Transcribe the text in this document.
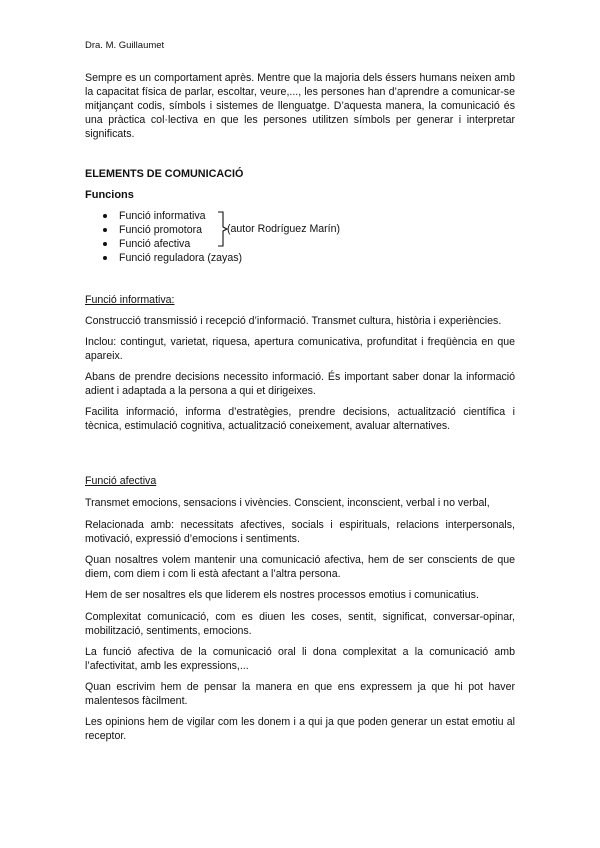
Dra. M. Guillaumet

Sempre es un comportament après. Mentre que la majoria dels éssers humans neixen amb la capacitat física de parlar, escoltar, veure,..., les persones han d’aprendre a comunicar-se mitjançant codis, símbols i sistemes de llenguatge. D’aquesta manera, la comunicació és una pràctica col·lectiva en que les persones utilitzen símbols per generar i interpretar significats.

ELEMENTS DE COMUNICACIÓ
Funcions
Funció informativa
Funció promotora
Funció afectiva
Funció reguladora (zayas)
(autor Rodríguez Marín)
Funció informativa:

Construcció transmissió i recepció d’informació. Transmet cultura, història i experiències.

Inclou: contingut, varietat, riquesa, apertura comunicativa, profunditat i freqüència en que apareix.

Abans de prendre decisions necessito informació. És important saber donar la informació adient i adaptada a la persona a qui et dirigeixes.

Facilita informació, informa d’estratègies, prendre decisions, actualització científica i tècnica, estimulació cognitiva, actualització coneixement, avaluar alternatives.

Funció afectiva

Transmet emocions, sensacions i vivències. Conscient, inconscient, verbal i no verbal,

Relacionada amb: necessitats afectives, socials i espirituals, relacions interpersonals, motivació, expressió d’emocions i sentiments.

Quan nosaltres volem mantenir una comunicació afectiva, hem de ser conscients de que diem, com diem i com li està afectant a l’altra persona.

Hem de ser nosaltres els que liderem els nostres processos emotius i comunicatius.

Complexitat comunicació, com es diuen les coses, sentit, significat, conversar-opinar, mobilització, sentiments, emocions.

La funció afectiva de la comunicació oral li dona complexitat a la comunicació amb l’afectivitat, amb les expressions,...

Quan escrivim hem de pensar la manera en que ens expressem ja que hi pot haver malentesos fàcilment.

Les opinions hem de vigilar com les donem i a qui ja que poden generar un estat emotiu al receptor.
